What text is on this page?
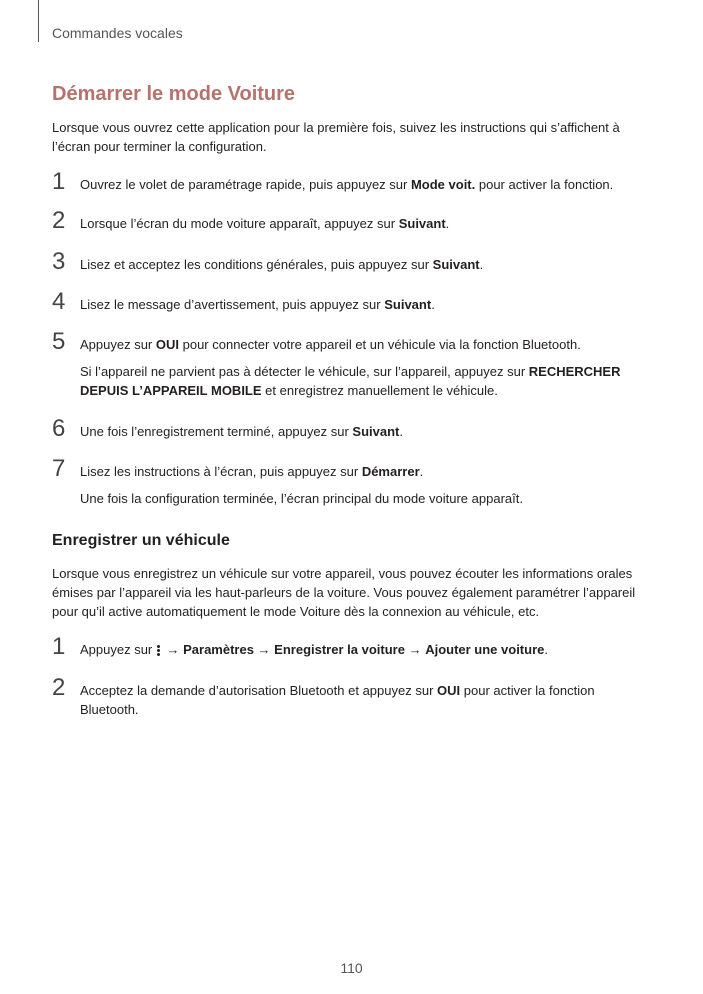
Commandes vocales
Démarrer le mode Voiture

Lorsque vous ouvrez cette application pour la première fois, suivez les instructions qui s’affichent à l’écran pour terminer la configuration.

1 Ouvrez le volet de paramétrage rapide, puis appuyez sur Mode voit. pour activer la fonction.
2 Lorsque l’écran du mode voiture apparaît, appuyez sur Suivant.
3 Lisez et acceptez les conditions générales, puis appuyez sur Suivant.
4 Lisez le message d’avertissement, puis appuyez sur Suivant.
5 Appuyez sur OUI pour connecter votre appareil et un véhicule via la fonction Bluetooth.
Si l’appareil ne parvient pas à détecter le véhicule, sur l’appareil, appuyez sur RECHERCHER DEPUIS L’APPAREIL MOBILE et enregistrez manuellement le véhicule.
6 Une fois l’enregistrement terminé, appuyez sur Suivant.
7 Lisez les instructions à l’écran, puis appuyez sur Démarrer.
Une fois la configuration terminée, l’écran principal du mode voiture apparaît.
Enregistrer un véhicule

Lorsque vous enregistrez un véhicule sur votre appareil, vous pouvez écouter les informations orales émises par l’appareil via les haut-parleurs de la voiture. Vous pouvez également paramétrer l’appareil pour qu’il active automatiquement le mode Voiture dès la connexion au véhicule, etc.

1 Appuyez sur
→ Paramètres → Enregistrer la voiture → Ajouter une voiture.
2 Acceptez la demande d’autorisation Bluetooth et appuyez sur OUI pour activer la fonction Bluetooth.
110
